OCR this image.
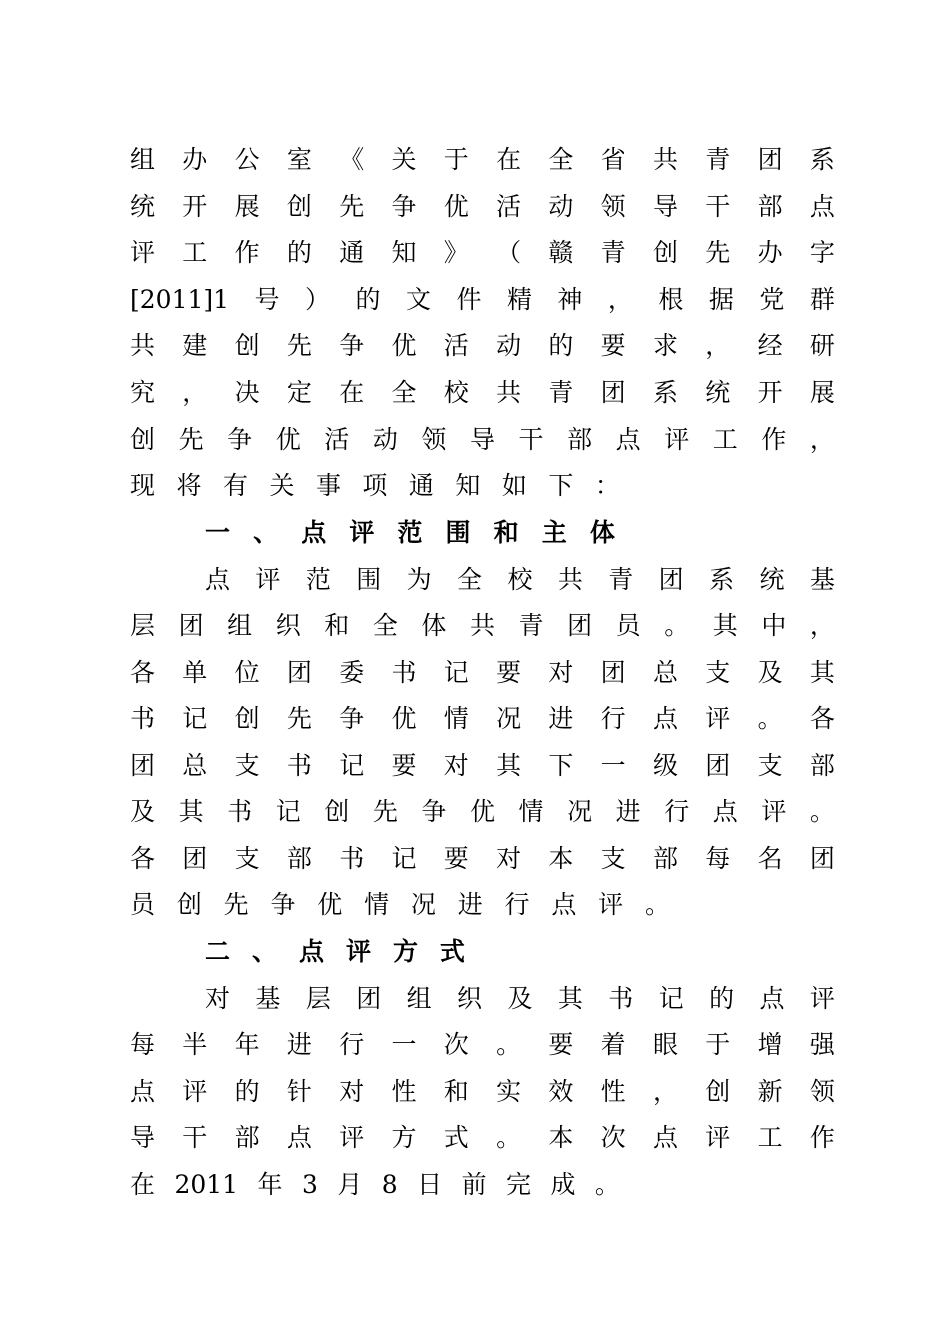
组 办 公 室 《 关 于 在 全 省 共 青 团 系
统 开 展 创 先 争 优 活 动 领 导 干 部 点
评 工 作 的 通 知 》 （ 赣 青 创 先 办 字
[2011]1 号 ） 的 文 件 精 神 ， 根 据 党 群
共 建 创 先 争 优 活 动 的 要 求 ， 经 研
究 ， 决 定 在 全 校 共 青 团 系 统 开 展
创 先 争 优 活 动 领 导 干 部 点 评 工 作 ，
现 将 有 关 事 项 通 知 如 下 ：
一 、 点 评 范 围 和 主 体
点 评 范 围 为 全 校 共 青 团 系 统 基
层 团 组 织 和 全 体 共 青 团 员 。 其 中 ，
各 单 位 团 委 书 记 要 对 团 总 支 及 其
书 记 创 先 争 优 情 况 进 行 点 评 。 各
团 总 支 书 记 要 对 其 下 一 级 团 支 部
及 其 书 记 创 先 争 优 情 况 进 行 点 评 。
各 团 支 部 书 记 要 对 本 支 部 每 名 团
员 创 先 争 优 情 况 进 行 点 评 。
二 、 点 评 方 式
对 基 层 团 组 织 及 其 书 记 的 点 评
每 半 年 进 行 一 次 。 要 着 眼 于 增 强
点 评 的 针 对 性 和 实 效 性 ， 创 新 领
导 干 部 点 评 方 式 。 本 次 点 评 工 作
在 2011 年 3 月 8 日 前 完 成 。
